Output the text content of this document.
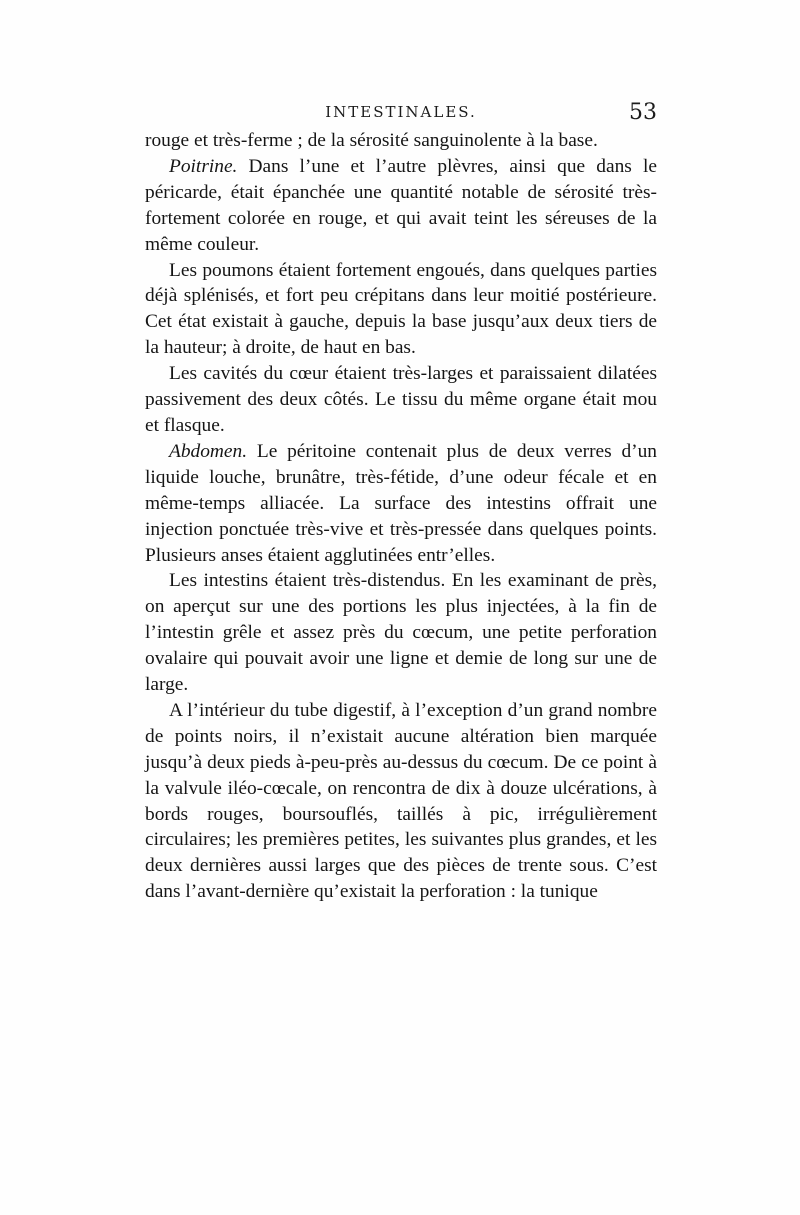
INTESTINALES.	53

rouge et très-ferme ; de la sérosité sanguinolente à la base.

Poitrine. Dans l’une et l’autre plèvres, ainsi que dans le péricarde, était épanchée une quantité notable de sérosité très-fortement colorée en rouge, et qui avait teint les séreuses de la même couleur.

Les poumons étaient fortement engoués, dans quelques parties déjà splénisés, et fort peu crépitans dans leur moitié postérieure. Cet état existait à gauche, depuis la base jusqu’aux deux tiers de la hauteur; à droite, de haut en bas.

Les cavités du cœur étaient très-larges et paraissaient dilatées passivement des deux côtés. Le tissu du même organe était mou et flasque.

Abdomen. Le péritoine contenait plus de deux verres d’un liquide louche, brunâtre, très-fétide, d’une odeur fécale et en même-temps alliacée. La surface des intestins offrait une injection ponctuée très-vive et très-pressée dans quelques points. Plusieurs anses étaient agglutinées entr’elles.

Les intestins étaient très-distendus. En les examinant de près, on aperçut sur une des portions les plus injectées, à la fin de l’intestin grêle et assez près du cœcum, une petite perforation ovalaire qui pouvait avoir une ligne et demie de long sur une de large.

A l’intérieur du tube digestif, à l’exception d’un grand nombre de points noirs, il n’existait aucune altération bien marquée jusqu’à deux pieds à-peu-près au-dessus du cœcum. De ce point à la valvule iléo-cœcale, on rencontra de dix à douze ulcérations, à bords rouges, boursouflés, taillés à pic, irrégulièrement circulaires; les premières petites, les suivantes plus grandes, et les deux dernières aussi larges que des pièces de trente sous. C’est dans l’avant-dernière qu’existait la perforation : la tunique
